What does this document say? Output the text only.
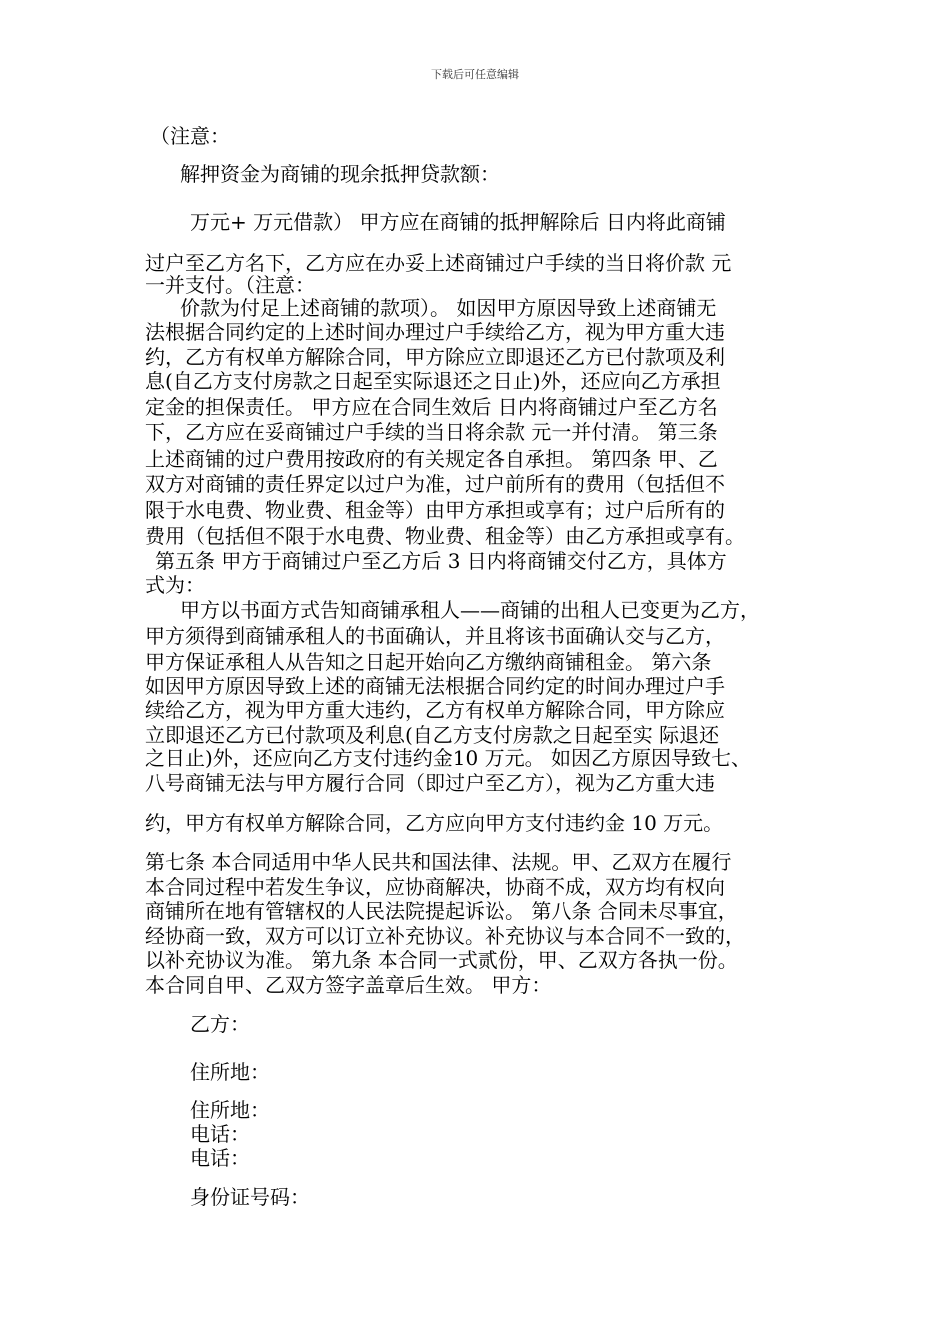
下载后可任意编辑
（注意：
解押资金为商铺的现余抵押贷款额：
万元+ 万元借款） 甲方应在商铺的抵押解除后 日内将此商铺
过户至乙方名下，乙方应在办妥上述商铺过户手续的当日将价款 元
一并支付。（注意：
价款为付足上述商铺的款项）。 如因甲方原因导致上述商铺无
法根据合同约定的上述时间办理过户手续给乙方，视为甲方重大违
约，乙方有权单方解除合同，甲方除应立即退还乙方已付款项及利
息(自乙方支付房款之日起至实际退还之日止)外，还应向乙方承担
定金的担保责任。 甲方应在合同生效后 日内将商铺过户至乙方名
下，乙方应在妥商铺过户手续的当日将余款 元一并付清。 第三条
上述商铺的过户费用按政府的有关规定各自承担。 第四条 甲、乙
双方对商铺的责任界定以过户为准，过户前所有的费用（包括但不
限于水电费、物业费、租金等）由甲方承担或享有；过户后所有的
费用（包括但不限于水电费、物业费、租金等）由乙方承担或享有。
第五条 甲方于商铺过户至乙方后 3 日内将商铺交付乙方，具体方
式为：
甲方以书面方式告知商铺承租人——商铺的出租人已变更为乙方，
甲方须得到商铺承租人的书面确认，并且将该书面确认交与乙方，
甲方保证承租人从告知之日起开始向乙方缴纳商铺租金。 第六条
如因甲方原因导致上述的商铺无法根据合同约定的时间办理过户手
续给乙方，视为甲方重大违约，乙方有权单方解除合同，甲方除应
立即退还乙方已付款项及利息(自乙方支付房款之日起至实 际退还
之日止)外，还应向乙方支付违约金10 万元。 如因乙方原因导致七、
八号商铺无法与甲方履行合同（即过户至乙方），视为乙方重大违
约，甲方有权单方解除合同，乙方应向甲方支付违约金 10 万元。
第七条 本合同适用中华人民共和国法律、法规。甲、乙双方在履行
本合同过程中若发生争议，应协商解决，协商不成，双方均有权向
商铺所在地有管辖权的人民法院提起诉讼。 第八条 合同未尽事宜，
经协商一致，双方可以订立补充协议。补充协议与本合同不一致的，
以补充协议为准。 第九条 本合同一式贰份，甲、乙双方各执一份。
本合同自甲、乙双方签字盖章后生效。 甲方：
乙方：
住所地：
住所地：
电话：
电话：
身份证号码：
